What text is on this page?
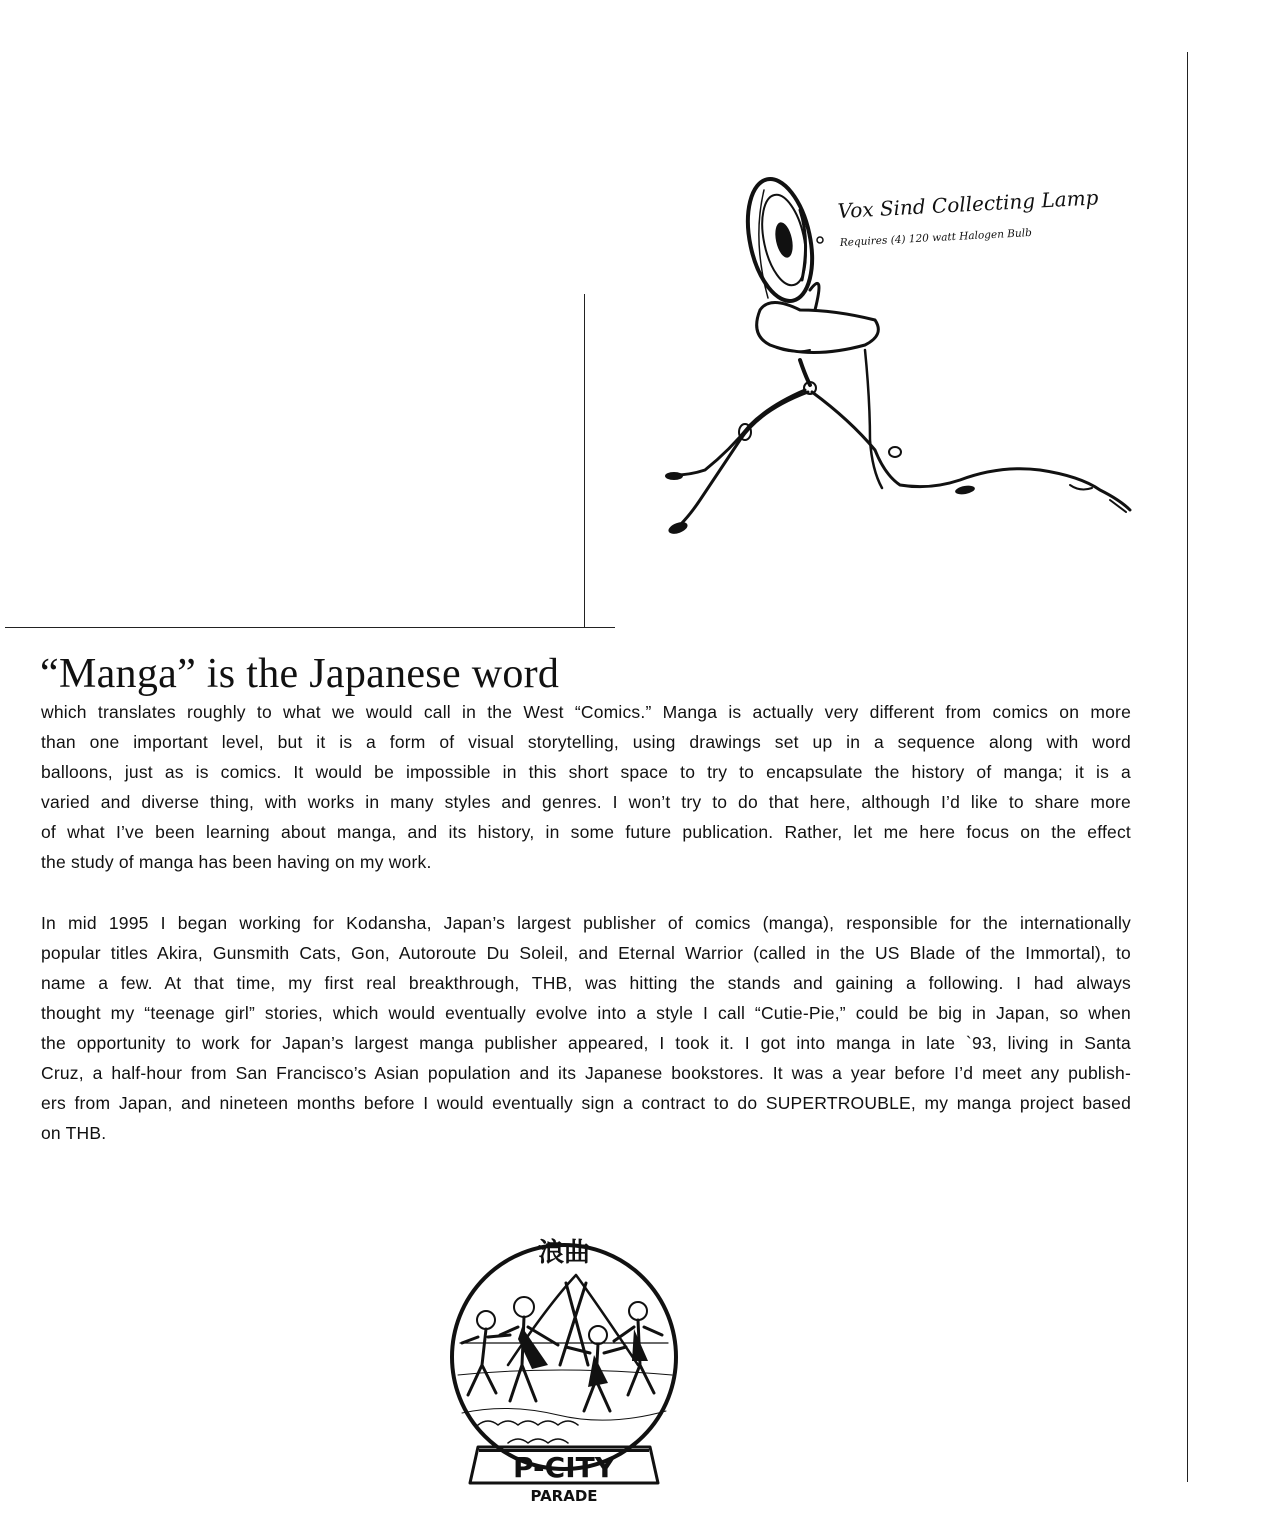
Vox Sind Collecting Lamp
Requires (4) 120 watt Halogen Bulb
“Manga” is the Japanese word
which translates roughly to what we would call in the West “Comics.” Manga is actually very different from comics on more
than one important level, but it is a form of visual storytelling, using drawings set up in a sequence along with word
balloons, just as is comics. It would be impossible in this short space to try to encapsulate the history of manga; it is a
varied and diverse thing, with works in many styles and genres. I won’t try to do that here, although I’d like to share more
of what I’ve been learning about manga, and its history, in some future publication. Rather, let me here focus on the effect
the study of manga has been having on my work.
In mid 1995 I began working for Kodansha, Japan’s largest publisher of comics (manga), responsible for the internationally
popular titles Akira, Gunsmith Cats, Gon, Autoroute Du Soleil, and Eternal Warrior (called in the US Blade of the Immortal), to
name a few. At that time, my first real breakthrough, THB, was hitting the stands and gaining a following. I had always
thought my “teenage girl” stories, which would eventually evolve into a style I call “Cutie-Pie,” could be big in Japan, so when
the opportunity to work for Japan’s largest manga publisher appeared, I took it. I got into manga in late `93, living in Santa
Cruz, a half-hour from San Francisco’s Asian population and its Japanese bookstores. It was a year before I’d meet any publish-
ers from Japan, and nineteen months before I would eventually sign a contract to do SUPERTROUBLE, my manga project based
on THB.
浪曲
P-CITY
PARADE
